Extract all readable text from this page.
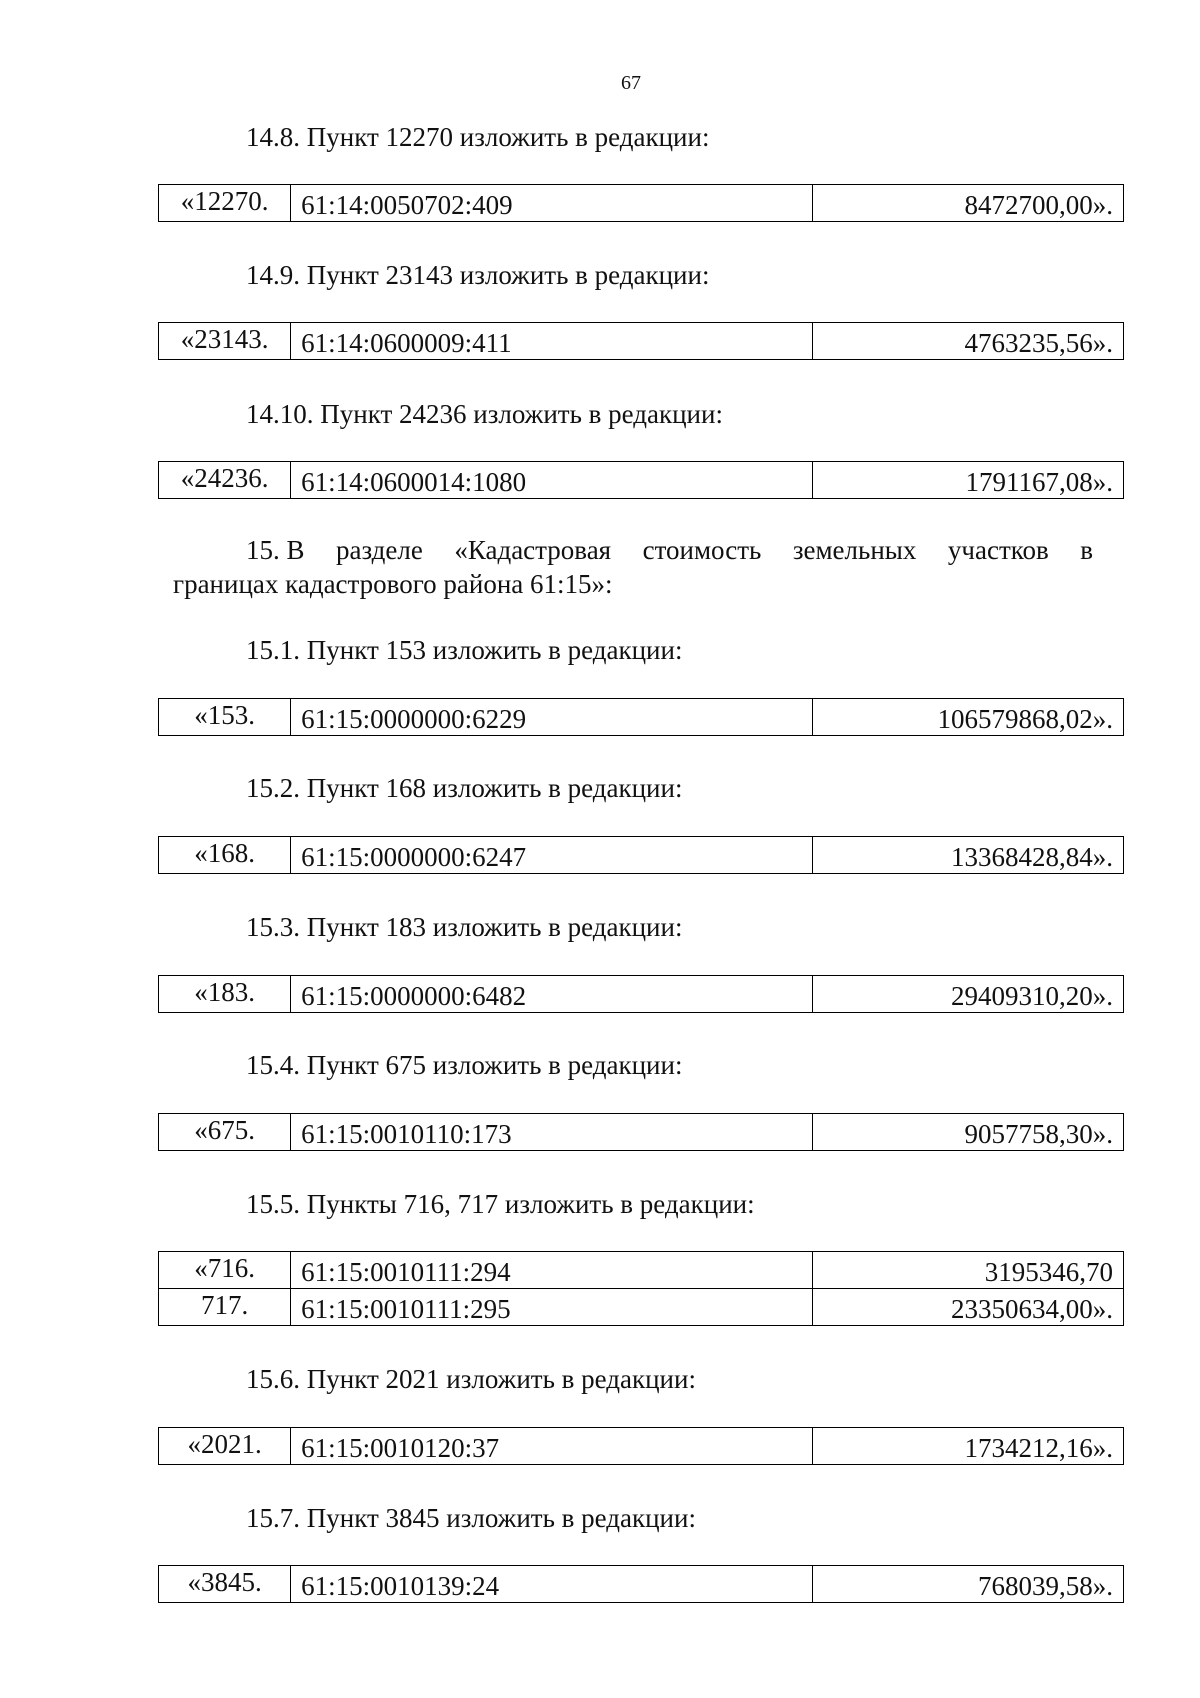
67
14.8. Пункт 12270 изложить в редакции:
«12270.	61:14:0050702:409	8472700,00».
14.9. Пункт 23143 изложить в редакции:
«23143.	61:14:0600009:411	4763235,56».
14.10. Пункт 24236 изложить в редакции:
«24236.	61:14:0600014:1080	1791167,08».
15. В разделе «Кадастровая стоимость земельных участков в
границах кадастрового района 61:15»:
15.1. Пункт 153 изложить в редакции:
«153.	61:15:0000000:6229	106579868,02».
15.2. Пункт 168 изложить в редакции:
«168.	61:15:0000000:6247	13368428,84».
15.3. Пункт 183 изложить в редакции:
«183.	61:15:0000000:6482	29409310,20».
15.4. Пункт 675 изложить в редакции:
«675.	61:15:0010110:173	9057758,30».
15.5. Пункты 716, 717 изложить в редакции:
«716.	61:15:0010111:294	3195346,70
717.	61:15:0010111:295	23350634,00».
15.6. Пункт 2021 изложить в редакции:
«2021.	61:15:0010120:37	1734212,16».
15.7. Пункт 3845 изложить в редакции:
«3845.	61:15:0010139:24	768039,58».
